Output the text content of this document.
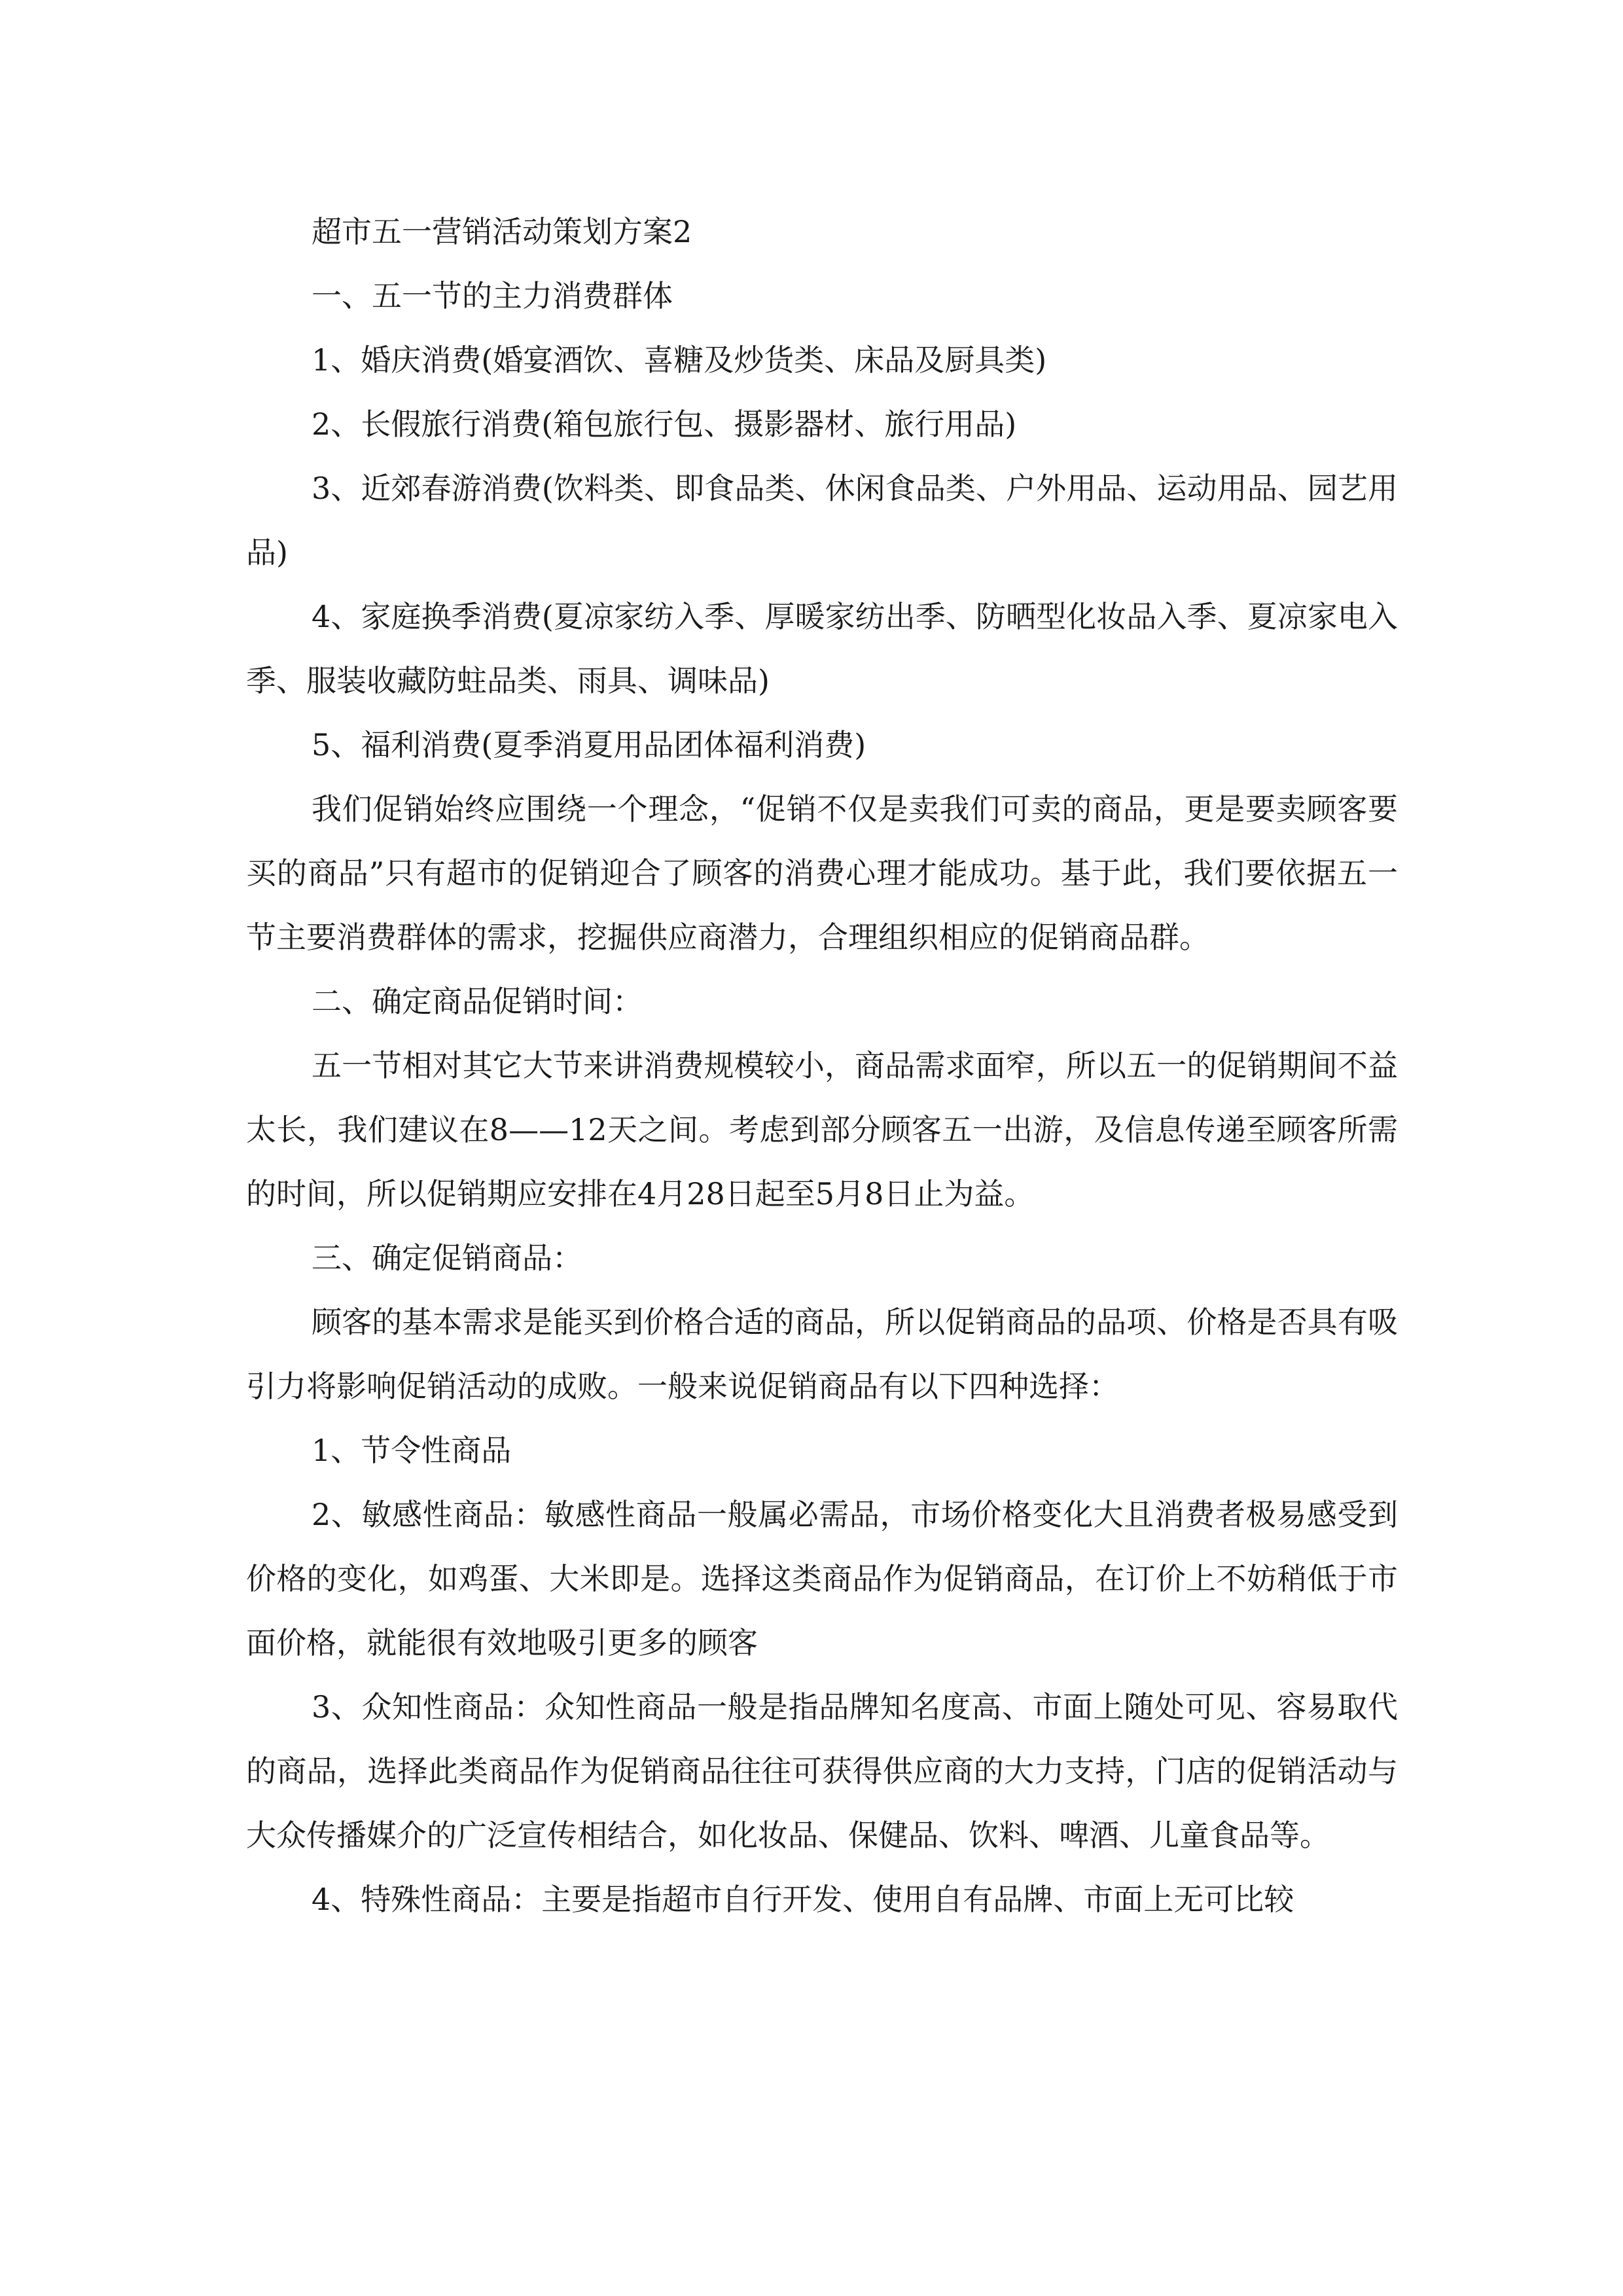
超市五一营销活动策划方案2

一、五一节的主力消费群体

1、婚庆消费(婚宴酒饮、喜糖及炒货类、床品及厨具类)

2、长假旅行消费(箱包旅行包、摄影器材、旅行用品)

3、近郊春游消费(饮料类、即食品类、休闲食品类、户外用品、运动用品、园艺用品)

4、家庭换季消费(夏凉家纺入季、厚暖家纺出季、防晒型化妆品入季、夏凉家电入季、服装收藏防蛀品类、雨具、调味品)

5、福利消费(夏季消夏用品团体福利消费)

我们促销始终应围绕一个理念，“促销不仅是卖我们可卖的商品，更是要卖顾客要买的商品”只有超市的促销迎合了顾客的消费心理才能成功。基于此，我们要依据五一节主要消费群体的需求，挖掘供应商潜力，合理组织相应的促销商品群。

二、确定商品促销时间：

五一节相对其它大节来讲消费规模较小，商品需求面窄，所以五一的促销期间不益太长，我们建议在8——12天之间。考虑到部分顾客五一出游，及信息传递至顾客所需的时间，所以促销期应安排在4月28日起至5月8日止为益。

三、确定促销商品：

顾客的基本需求是能买到价格合适的商品，所以促销商品的品项、价格是否具有吸引力将影响促销活动的成败。一般来说促销商品有以下四种选择：

1、节令性商品

2、敏感性商品：敏感性商品一般属必需品，市场价格变化大且消费者极易感受到价格的变化，如鸡蛋、大米即是。选择这类商品作为促销商品，在订价上不妨稍低于市面价格，就能很有效地吸引更多的顾客

3、众知性商品：众知性商品一般是指品牌知名度高、市面上随处可见、容易取代的商品，选择此类商品作为促销商品往往可获得供应商的大力支持，门店的促销活动与大众传播媒介的广泛宣传相结合，如化妆品、保健品、饮料、啤酒、儿童食品等。

4、特殊性商品：主要是指超市自行开发、使用自有品牌、市面上无可比较
